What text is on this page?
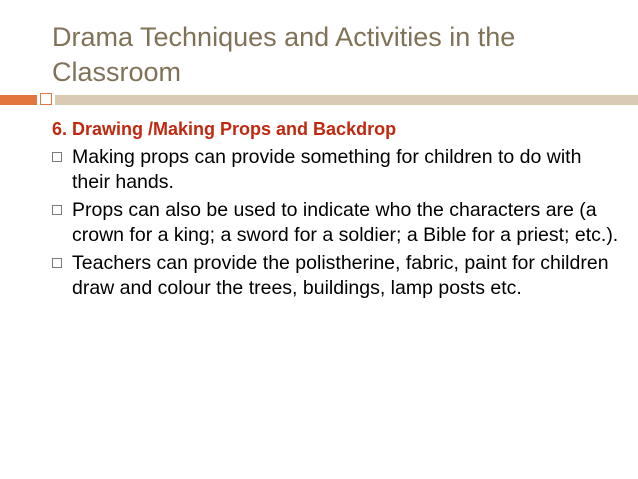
Drama Techniques and Activities in the Classroom

6. Drawing /Making Props and Backdrop

Making props can provide something for children to do with their hands.
Props can also be used to indicate who the characters are (a crown for a king; a sword for a soldier; a Bible for a priest; etc.).
Teachers can provide the polistherine, fabric, paint for children draw and colour the trees, buildings, lamp posts etc.
